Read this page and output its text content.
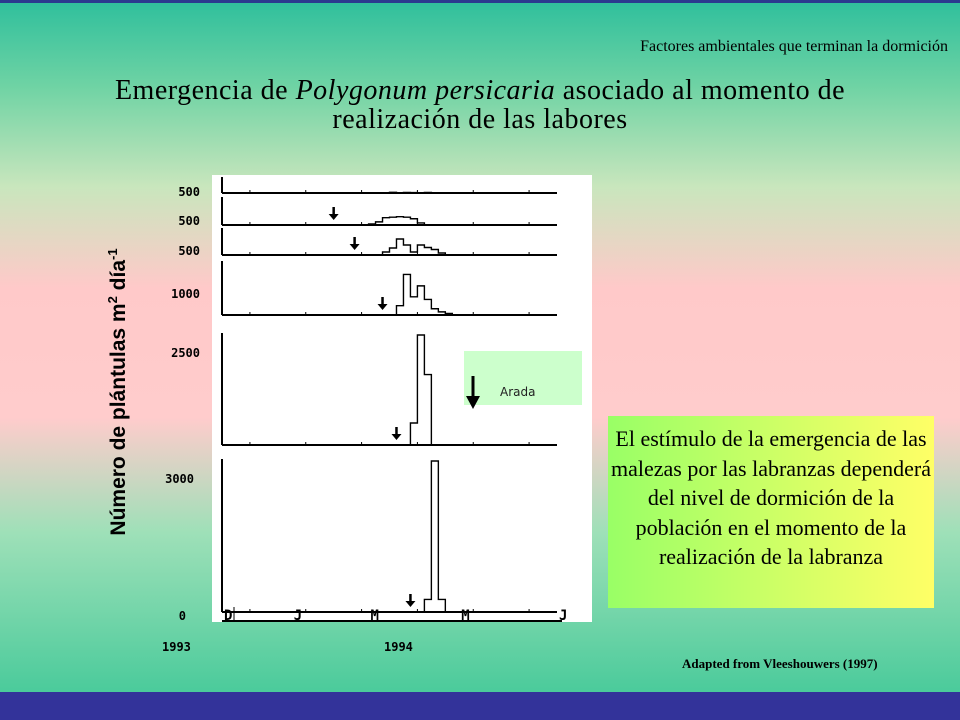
Factores ambientales que terminan la dormición
Emergencia de Polygonum persicaria asociado al momento de
realización de las labores
Número de plántulas $m^2$ día$^{-1}$
500
500
500
1000
2500
3000
0	D	J	M	M	J
1993	1994
Arada
El estímulo de la emergencia de las malezas por las labranzas dependerá del nivel de dormición de la población en el momento de la realización de la labranza
Adapted from Vleeshouwers (1997)
